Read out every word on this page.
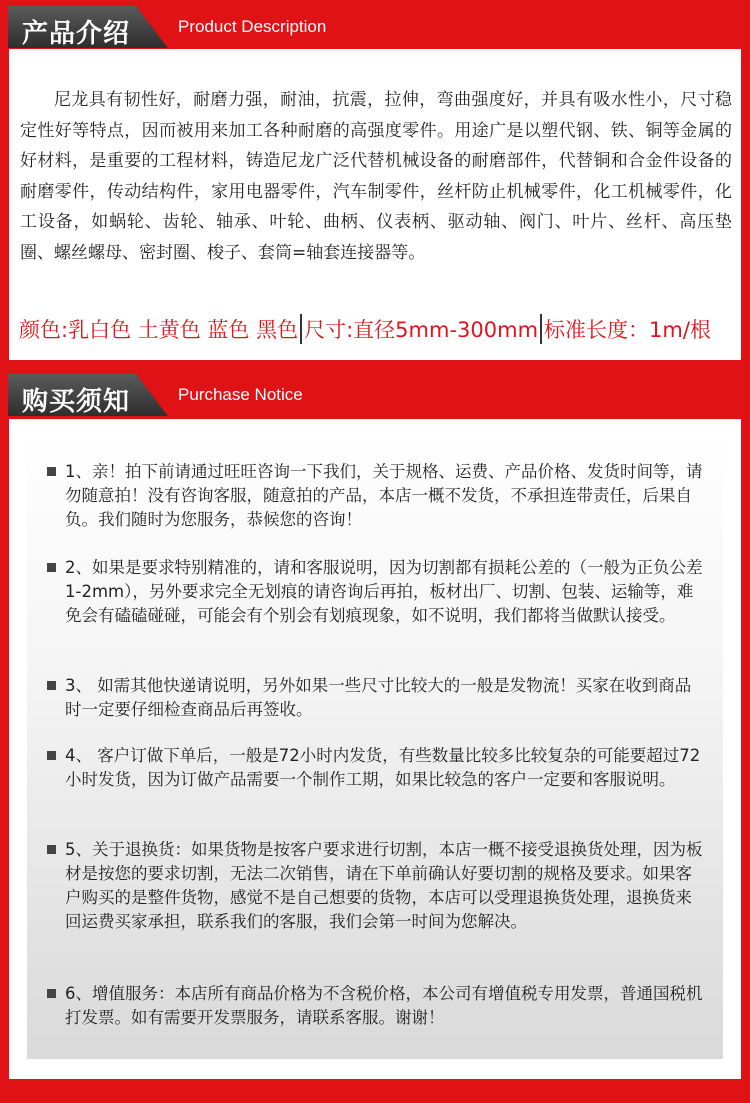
产品介绍	Product Description
尼龙具有韧性好，耐磨力强，耐油，抗震，拉伸，弯曲强度好，并具有吸水性小，尺寸稳定性好等特点，因而被用来加工各种耐磨的高强度零件。用途广是以塑代钢、铁、铜等金属的好材料，是重要的工程材料，铸造尼龙广泛代替机械设备的耐磨部件，代替铜和合金件设备的耐磨零件，传动结构件，家用电器零件，汽车制零件，丝杆防止机械零件，化工机械零件，化工设备，如蜗轮、齿轮、轴承、叶轮、曲柄、仪表柄、驱动轴、阀门、叶片、丝杆、高压垫圈、螺丝螺母、密封圈、梭子、套筒=轴套连接器等。
颜色:乳白色 土黄色 蓝色 黑色 尺寸:直径5mm-300mm 标准长度：1m/根
购买须知	Purchase Notice
1、亲！拍下前请通过旺旺咨询一下我们，关于规格、运费、产品价格、发货时间等，请勿随意拍！没有咨询客服，随意拍的产品，本店一概不发货，不承担连带责任，后果自负。我们随时为您服务，恭候您的咨询！
2、如果是要求特别精准的，请和客服说明，因为切割都有损耗公差的（一般为正负公差1-2mm），另外要求完全无划痕的请咨询后再拍，板材出厂、切割、包装、运输等，难免会有磕磕碰碰，可能会有个别会有划痕现象，如不说明，我们都将当做默认接受。
3、 如需其他快递请说明，另外如果一些尺寸比较大的一般是发物流！买家在收到商品时一定要仔细检查商品后再签收。
4、 客户订做下单后，一般是72小时内发货，有些数量比较多比较复杂的可能要超过72小时发货，因为订做产品需要一个制作工期，如果比较急的客户一定要和客服说明。
5、关于退换货：如果货物是按客户要求进行切割，本店一概不接受退换货处理，因为板材是按您的要求切割，无法二次销售，请在下单前确认好要切割的规格及要求。如果客户购买的是整件货物，感觉不是自己想要的货物，本店可以受理退换货处理，退换货来回运费买家承担，联系我们的客服，我们会第一时间为您解决。
6、增值服务：本店所有商品价格为不含税价格，本公司有增值税专用发票，普通国税机打发票。如有需要开发票服务，请联系客服。谢谢！
